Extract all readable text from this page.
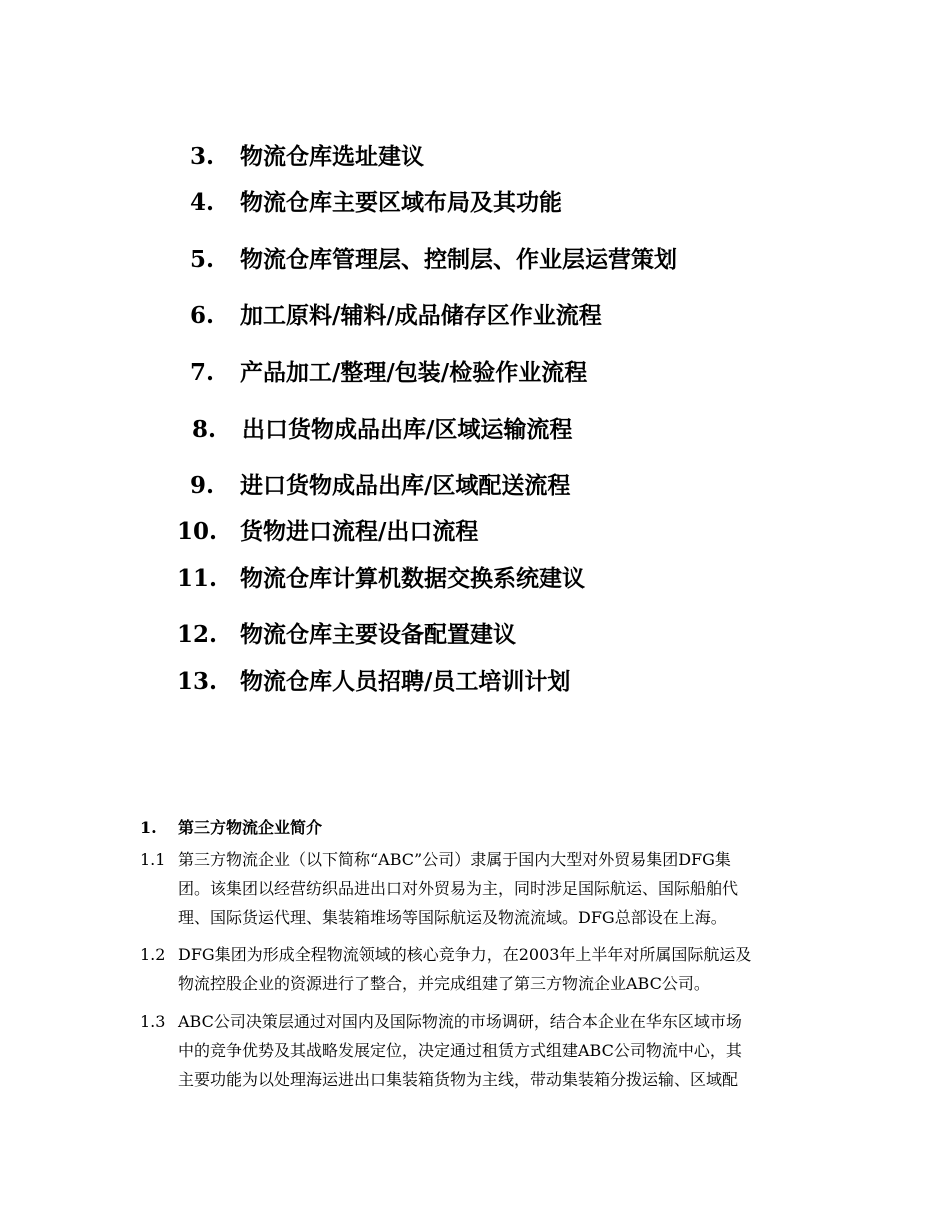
3. 物流仓库选址建议
4. 物流仓库主要区域布局及其功能
5. 物流仓库管理层、控制层、作业层运营策划
6. 加工原料/辅料/成品储存区作业流程
7. 产品加工/整理/包装/检验作业流程
8. 出口货物成品出库/区域运输流程
9. 进口货物成品出库/区域配送流程
10. 货物进口流程/出口流程
11. 物流仓库计算机数据交换系统建议
12. 物流仓库主要设备配置建议
13. 物流仓库人员招聘/员工培训计划
1. 第三方物流企业简介
1.1 第三方物流企业（以下简称“ABC”公司）隶属于国内大型对外贸易集团DFG集
团。该集团以经营纺织品进出口对外贸易为主，同时涉足国际航运、国际船舶代
理、国际货运代理、集装箱堆场等国际航运及物流流域。DFG总部设在上海。
1.2 DFG集团为形成全程物流领域的核心竞争力，在2003年上半年对所属国际航运及
物流控股企业的资源进行了整合，并完成组建了第三方物流企业ABC公司。
1.3 ABC公司决策层通过对国内及国际物流的市场调研，结合本企业在华东区域市场
中的竞争优势及其战略发展定位，决定通过租赁方式组建ABC公司物流中心，其
主要功能为以处理海运进出口集装箱货物为主线，带动集装箱分拨运输、区域配
